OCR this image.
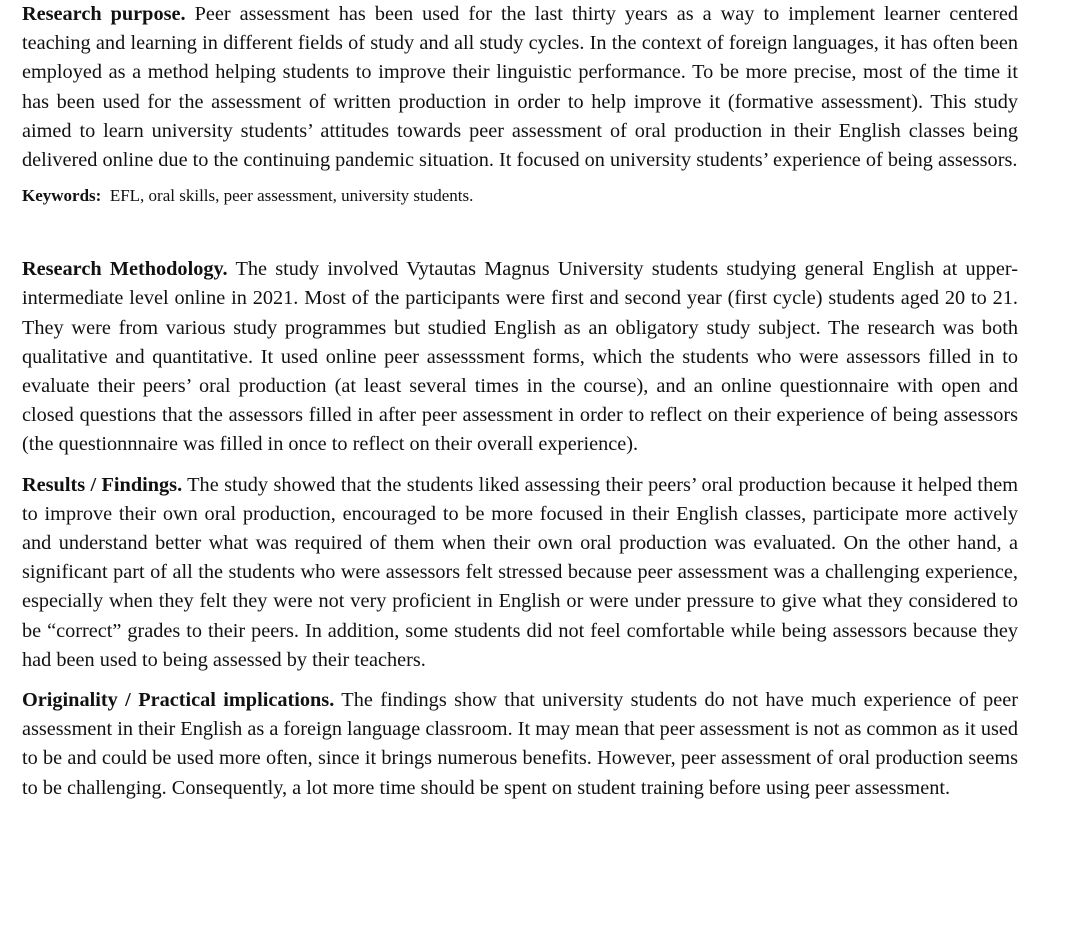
Research purpose. Peer assessment has been used for the last thirty years as a way to implement learner centered teaching and learning in different fields of study and all study cycles. In the context of foreign languages, it has often been employed as a method helping students to improve their linguistic performance. To be more precise, most of the time it has been used for the assessment of written production in order to help improve it (formative assessment). This study aimed to learn university students’ attitudes towards peer assessment of oral production in their English classes being delivered online due to the continuing pandemic situation. It focused on university students’ experience of being assessors.

Keywords:  EFL, oral skills, peer assessment, university students.

Research Methodology. The study involved Vytautas Magnus University students studying general English at upper-intermediate level online in 2021. Most of the participants were first and second year (first cycle) students aged 20 to 21. They were from various study programmes but studied English as an obligatory study subject. The research was both qualitative and quantitative. It used online peer assesssment forms, which the students who were assessors filled in to evaluate their peers’ oral production (at least several times in the course), and an online questionnaire with open and closed questions that the assessors filled in after peer assessment in order to reflect on their experience of being assessors (the questionnnaire was filled in once to reflect on their overall experience).

Results / Findings. The study showed that the students liked assessing their peers’ oral production because it helped them to improve their own oral production, encouraged to be more focused in their English classes, participate more actively and understand better what was required of them when their own oral production was evaluated. On the other hand, a significant part of all the students who were assessors felt stressed because peer assessment was a challenging experience, especially when they felt they were not very proficient in English or were under pressure to give what they considered to be “correct” grades to their peers. In addition, some students did not feel comfortable while being assessors because they had been used to being assessed by their teachers.

Originality / Practical implications. The findings show that university students do not have much experience of peer assessment in their English as a foreign language classroom. It may mean that peer assessment is not as common as it used to be and could be used more often, since it brings numerous benefits. However, peer assessment of oral production seems to be challenging. Consequently, a lot more time should be spent on student training before using peer assessment.
